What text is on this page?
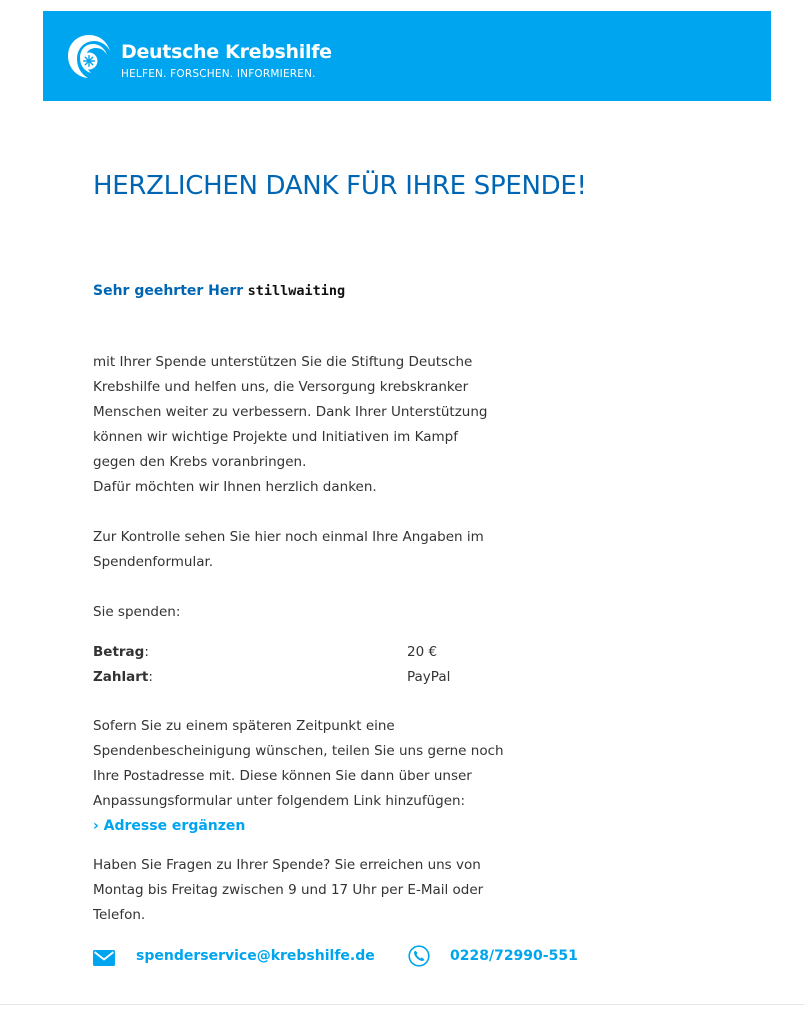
Deutsche Krebshilfe
HELFEN. FORSCHEN. INFORMIEREN.
HERZLICHEN DANK FÜR IHRE SPENDE!
Sehr geehrter Herr stillwaiting

mit Ihrer Spende unterstützen Sie die Stiftung Deutsche
Krebshilfe und helfen uns, die Versorgung krebskranker
Menschen weiter zu verbessern. Dank Ihrer Unterstützung
können wir wichtige Projekte und Initiativen im Kampf
gegen den Krebs voranbringen.
Dafür möchten wir Ihnen herzlich danken.

Zur Kontrolle sehen Sie hier noch einmal Ihre Angaben im
Spendenformular.

Sie spenden:

Betrag:	20 €
Zahlart:	PayPal

Sofern Sie zu einem späteren Zeitpunkt eine
Spendenbescheinigung wünschen, teilen Sie uns gerne noch
Ihre Postadresse mit. Diese können Sie dann über unser
Anpassungsformular unter folgendem Link hinzufügen:

› Adresse ergänzen

Haben Sie Fragen zu Ihrer Spende? Sie erreichen uns von
Montag bis Freitag zwischen 9 und 17 Uhr per E-Mail oder
Telefon.

spenderservice@krebshilfe.de	0228/72990-551
